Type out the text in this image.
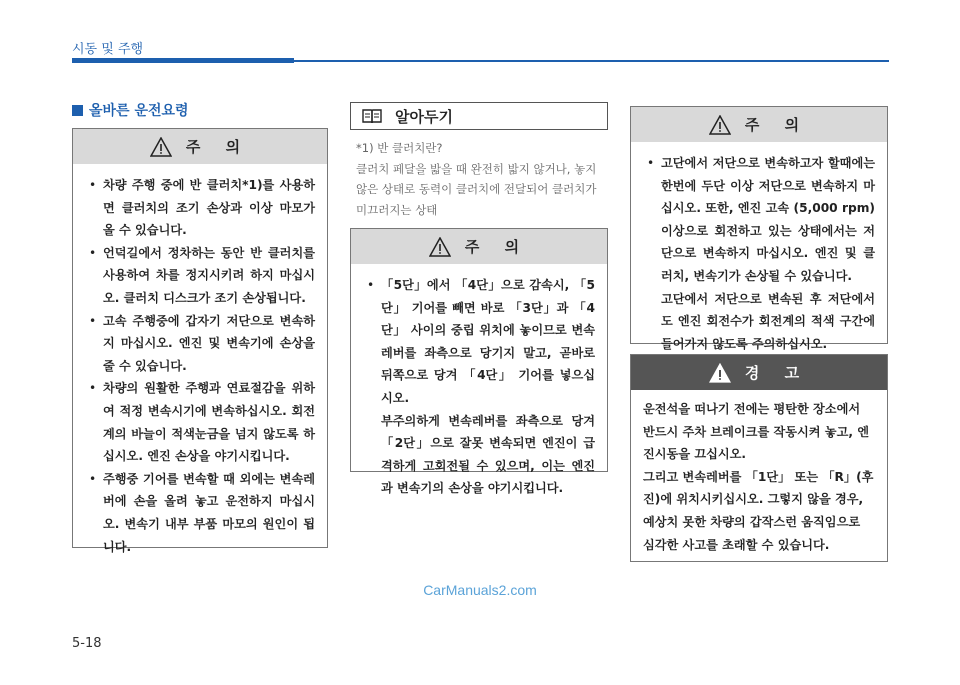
시동 및 주행
올바른 운전요령
주 의
• 차량 주행 중에 반 클러치*1)를 사용하면 클러치의 조기 손상과 이상 마모가 올 수 있습니다.
• 언덕길에서 정차하는 동안 반 클러치를 사용하여 차를 정지시키려 하지 마십시오. 클러치 디스크가 조기 손상됩니다.
• 고속 주행중에 갑자기 저단으로 변속하지 마십시오. 엔진 및 변속기에 손상을 줄 수 있습니다.
• 차량의 원활한 주행과 연료절감을 위하여 적정 변속시기에 변속하십시오. 회전계의 바늘이 적색눈금을 넘지 않도록 하십시오. 엔진 손상을 야기시킵니다.
• 주행중 기어를 변속할 때 외에는 변속레버에 손을 올려 놓고 운전하지 마십시오. 변속기 내부 부품 마모의 원인이 됩니다.
알아두기
*1) 반 클러치란?
클러치 페달을 밟을 때 완전히 밟지 않거나, 놓지 않은 상태로 동력이 클러치에 전달되어 클러치가 미끄러지는 상태
주 의
• 「5단」에서 「4단」으로 감속시, 「5단」 기어를 빼면 바로 「3단」과 「4단」 사이의 중립 위치에 놓이므로 변속레버를 좌측으로 당기지 말고, 곧바로 뒤쪽으로 당겨 「4단」 기어를 넣으십시오.
부주의하게 변속레버를 좌측으로 당겨 「2단」으로 잘못 변속되면 엔진이 급격하게 고회전될 수 있으며, 이는 엔진과 변속기의 손상을 야기시킵니다.
주 의
• 고단에서 저단으로 변속하고자 할때에는 한번에 두단 이상 저단으로 변속하지 마십시오. 또한, 엔진 고속 (5,000 rpm) 이상으로 회전하고 있는 상태에서는 저단으로 변속하지 마십시오. 엔진 및 클러치, 변속기가 손상될 수 있습니다.
고단에서 저단으로 변속된 후 저단에서도 엔진 회전수가 회전계의 적색 구간에 들어가지 않도록 주의하십시오.
경 고
운전석을 떠나기 전에는 평탄한 장소에서 반드시 주차 브레이크를 작동시켜 놓고, 엔진시동을 끄십시오.
그리고 변속레버를 「1단」 또는 「R」(후진)에 위치시키십시오. 그렇지 않을 경우, 예상치 못한 차량의 갑작스런 움직임으로 심각한 사고를 초래할 수 있습니다.
CarManuals2.com
5-18
